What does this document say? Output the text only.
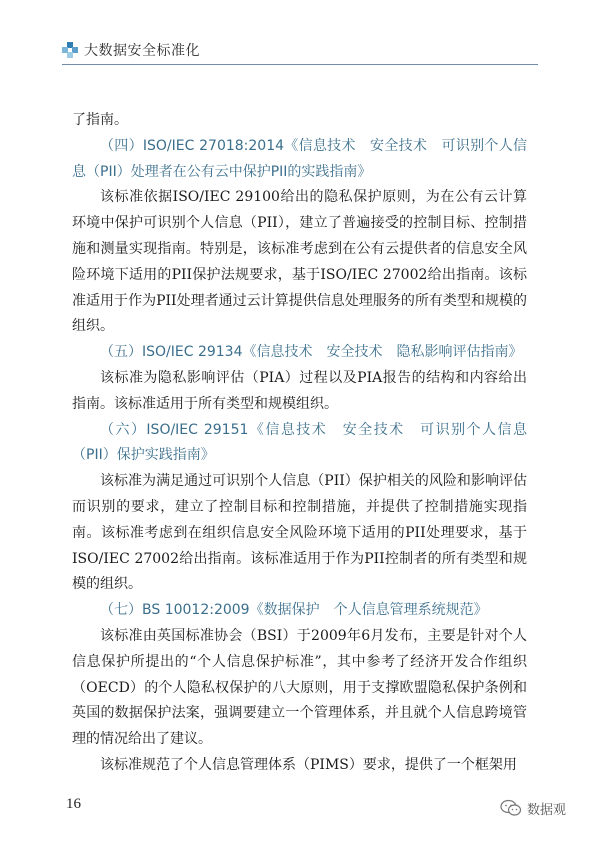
大数据安全标准化

了指南。

（四）ISO/IEC 27018:2014《信息技术　安全技术　可识别个人信息（PII）处理者在公有云中保护PII的实践指南》

该标准依据ISO/IEC 29100给出的隐私保护原则，为在公有云计算环境中保护可识别个人信息（PII），建立了普遍接受的控制目标、控制措施和测量实现指南。特别是，该标准考虑到在公有云提供者的信息安全风险环境下适用的PII保护法规要求，基于ISO/IEC 27002给出指南。该标准适用于作为PII处理者通过云计算提供信息处理服务的所有类型和规模的组织。

（五）ISO/IEC 29134《信息技术　安全技术　隐私影响评估指南》

该标准为隐私影响评估（PIA）过程以及PIA报告的结构和内容给出指南。该标准适用于所有类型和规模组织。

（六）ISO/IEC 29151《信息技术　安全技术　可识别个人信息（PII）保护实践指南》

该标准为满足通过可识别个人信息（PII）保护相关的风险和影响评估而识别的要求，建立了控制目标和控制措施，并提供了控制措施实现指南。该标准考虑到在组织信息安全风险环境下适用的PII处理要求，基于ISO/IEC 27002给出指南。该标准适用于作为PII控制者的所有类型和规模的组织。

（七）BS 10012:2009《数据保护　个人信息管理系统规范》

该标准由英国标准协会（BSI）于2009年6月发布，主要是针对个人信息保护所提出的“个人信息保护标准”，其中参考了经济开发合作组织（OECD）的个人隐私权保护的八大原则，用于支撑欧盟隐私保护条例和英国的数据保护法案，强调要建立一个管理体系，并且就个人信息跨境管理的情况给出了建议。

该标准规范了个人信息管理体系（PIMS）要求，提供了一个框架用

16	数据观
